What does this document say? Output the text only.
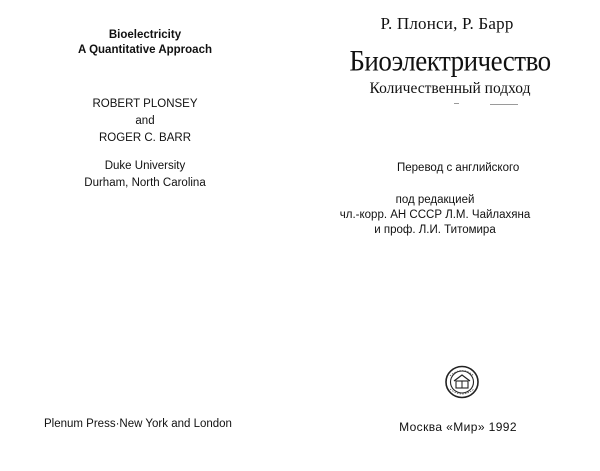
Bioelectricity
A Quantitative Approach
ROBERT PLONSEY
and
ROGER C. BARR
Duke University
Durham, North Carolina
Plenum Press·New York and London
Р. Плонси, Р. Барр
Биоэлектричество
Количественный подход
Перевод с английского
под редакцией
чл.-корр. АН СССР Л.М. Чайлахяна
и проф. Л.И. Титомира
Москва «Мир» 1992
